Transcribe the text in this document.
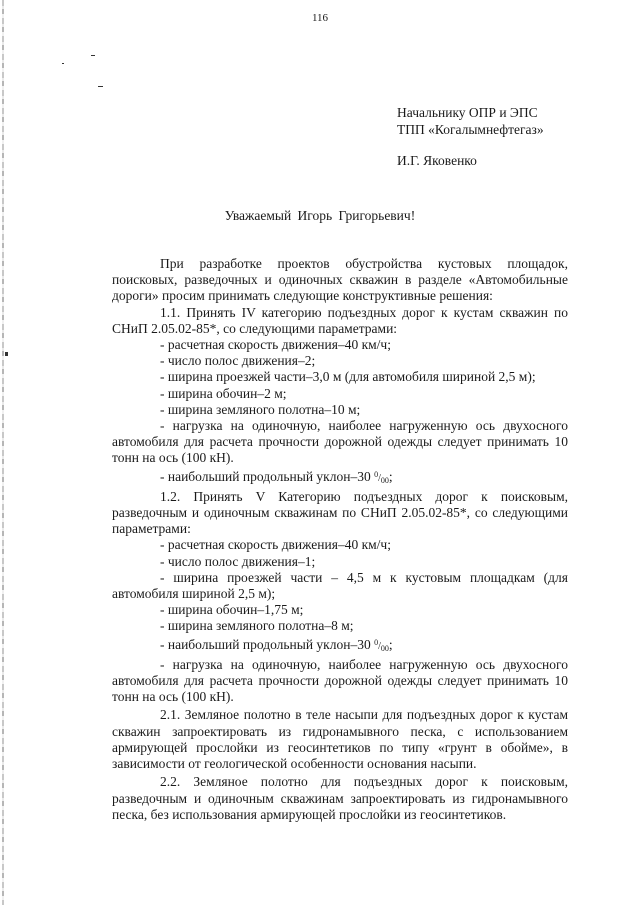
116
Начальнику ОПР и ЭПС
ТПП «Когалымнефтегаз»
И.Г. Яковенко
Уважаемый Игорь Григорьевич!

При разработке проектов обустройства кустовых площадок, поисковых, разведочных и одиночных скважин в разделе «Автомобильные дороги» просим принимать следующие конструктивные решения:

1.1. Принять IV категорию подъездных дорог к кустам скважин по СНиП 2.05.02-85*, со следующими параметрами:

- расчетная скорость движения–40 км/ч;

- число полос движения–2;

- ширина проезжей части–3,0 м (для автомобиля шириной 2,5 м);

- ширина обочин–2 м;

- ширина земляного полотна–10 м;

- нагрузка на одиночную, наиболее нагруженную ось двухосного автомобиля для расчета прочности дорожной одежды следует принимать 10 тонн на ось (100 кН).

- наибольший продольный уклон–30 $^0/_{00}$;

1.2. Принять V Категорию подъездных дорог к поисковым, разведочным и одиночным скважинам по СНиП 2.05.02-85*, со следующими параметрами:

- расчетная скорость движения–40 км/ч;

- число полос движения–1;

- ширина проезжей части – 4,5 м к кустовым площадкам (для автомобиля шириной 2,5 м);

- ширина обочин–1,75 м;

- ширина земляного полотна–8 м;

- наибольший продольный уклон–30 $^0/_{00}$;

- нагрузка на одиночную, наиболее нагруженную ось двухосного автомобиля для расчета прочности дорожной одежды следует принимать 10 тонн на ось (100 кН).

2.1. Земляное полотно в теле насыпи для подъездных дорог к кустам скважин запроектировать из гидронамывного песка, с использованием армирующей прослойки из геосинтетиков по типу «грунт в обойме», в зависимости от геологической особенности основания насыпи.

2.2. Земляное полотно для подъездных дорог к поисковым, разведочным и одиночным скважинам запроектировать из гидронамывного песка, без использования армирующей прослойки из геосинтетиков.
